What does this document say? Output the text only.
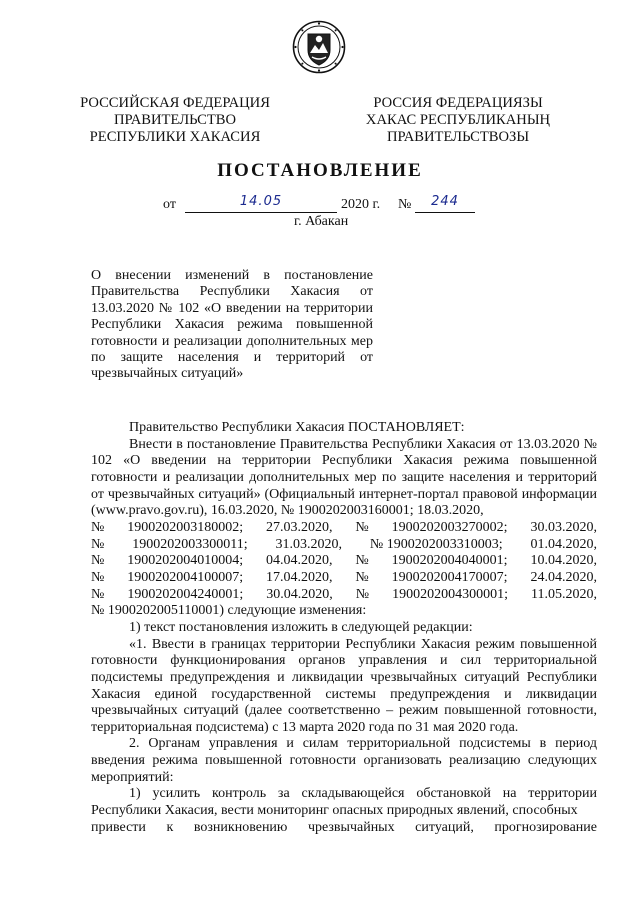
РОССИЙСКАЯ ФЕДЕРАЦИЯ
ПРАВИТЕЛЬСТВО
РЕСПУБЛИКИ ХАКАСИЯ
РОССИЯ ФЕДЕРАЦИЯЗЫ
ХАКАС РЕСПУБЛИКАНЫҢ
ПРАВИТЕЛЬСТВОЗЫ
ПОСТАНОВЛЕНИЕ
от	14.05	2020 г. №	244
г. Абакан
О внесении изменений в постановление Правительства Республики Хакасия от 13.03.2020 № 102 «О введении на территории Республики Хакасия режима повышенной готовности и реализации дополнительных мер по защите населения и территорий от чрезвычайных ситуаций»

Правительство Республики Хакасия ПОСТАНОВЛЯЕТ:

Внести в постановление Правительства Республики Хакасия от 13.03.2020 № 102 «О введении на территории Республики Хакасия режима повышенной готовности и реализации дополнительных мер по защите населения и территорий от чрезвычайных ситуаций» (Официальный интернет-портал правовой информации (www.pravo.gov.ru), 16.03.2020, № 1900202003160001; 18.03.2020,

№ 1900202003180002; 27.03.2020, № 1900202003270002; 30.03.2020,
№ 1900202003300011; 31.03.2020, № 1900202003310003; 01.04.2020,
№ 1900202004010004; 04.04.2020, № 1900202004040001; 10.04.2020,
№ 1900202004100007; 17.04.2020, № 1900202004170007; 24.04.2020,
№ 1900202004240001; 30.04.2020, № 1900202004300001; 11.05.2020,

№ 1900202005110001) следующие изменения:

1) текст постановления изложить в следующей редакции:

«1. Ввести в границах территории Республики Хакасия режим повышенной готовности функционирования органов управления и сил территориальной подсистемы предупреждения и ликвидации чрезвычайных ситуаций Республики Хакасия единой государственной системы предупреждения и ликвидации чрезвычайных ситуаций (далее соответственно – режим повышенной готовности, территориальная подсистема) с 13 марта 2020 года по 31 мая 2020 года.

2. Органам управления и силам территориальной подсистемы в период введения режима повышенной готовности организовать реализацию следующих мероприятий:

1) усилить контроль за складывающейся обстановкой на территории Республики Хакасия, вести мониторинг опасных природных явлений, способных

привести к возникновению чрезвычайных ситуаций, прогнозирование
